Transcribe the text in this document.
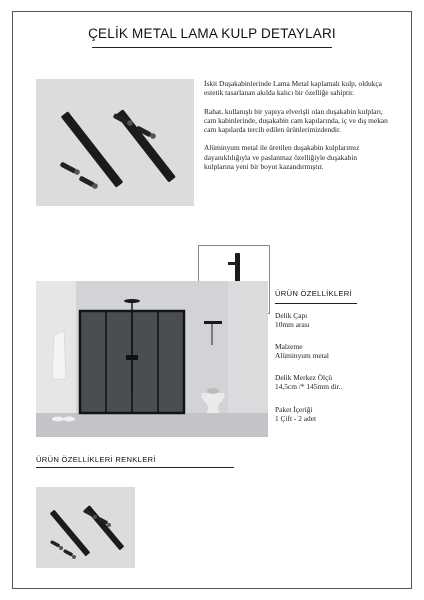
ÇELİK METAL LAMA KULP DETAYLARI

İskit Duşakabinlerinde Lama Metal kaplamalı kulp, oldukça estetik tasarlanan akılda kalıcı bir özelliğe sahiptir.

Rahat, kullanışlı bir yapıya elverişli olan duşakabin kulpları, cam kabinlerinde, duşakabin cam kapılarında, iç ve dış mekan cam kapılarda tercih edilen ürünlerimizdendir.

Alüminyum metal ile üretilen duşakabin kulplarımız dayanıklılığıyla ve paslanmaz özelliğiyle duşakabin kulplarına yeni bir boyut kazandırmıştır.

ÜRÜN ÖZELLİKLERİ
Delik Çapı
10mm arası
Malzeme
Alüminyum metal
Delik Merkez Ölçü
14,5cm /* 145mm dir..
Paket İçeriği
1 Çift - 2 adet
ÜRÜN ÖZELLİKLERİ RENKLERİ
